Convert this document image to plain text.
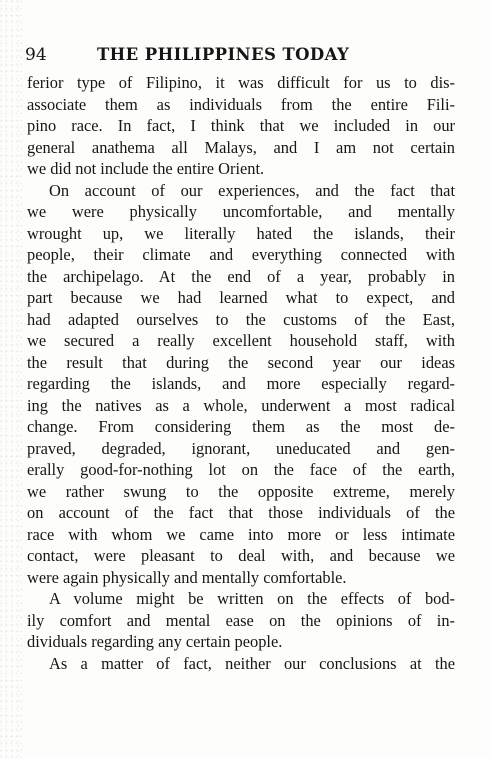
94	THE PHILIPPINES TODAY
ferior type of Filipino, it was difficult for us to dis-
associate them as individuals from the entire Fili-
pino race. In fact, I think that we included in our
general anathema all Malays, and I am not certain
we did not include the entire Orient.
On account of our experiences, and the fact that
we were physically uncomfortable, and mentally
wrought up, we literally hated the islands, their
people, their climate and everything connected with
the archipelago. At the end of a year, probably in
part because we had learned what to expect, and
had adapted ourselves to the customs of the East,
we secured a really excellent household staff, with
the result that during the second year our ideas
regarding the islands, and more especially regard-
ing the natives as a whole, underwent a most radical
change. From considering them as the most de-
praved, degraded, ignorant, uneducated and gen-
erally good-for-nothing lot on the face of the earth,
we rather swung to the opposite extreme, merely
on account of the fact that those individuals of the
race with whom we came into more or less intimate
contact, were pleasant to deal with, and because we
were again physically and mentally comfortable.
A volume might be written on the effects of bod-
ily comfort and mental ease on the opinions of in-
dividuals regarding any certain people.
As a matter of fact, neither our conclusions at the
